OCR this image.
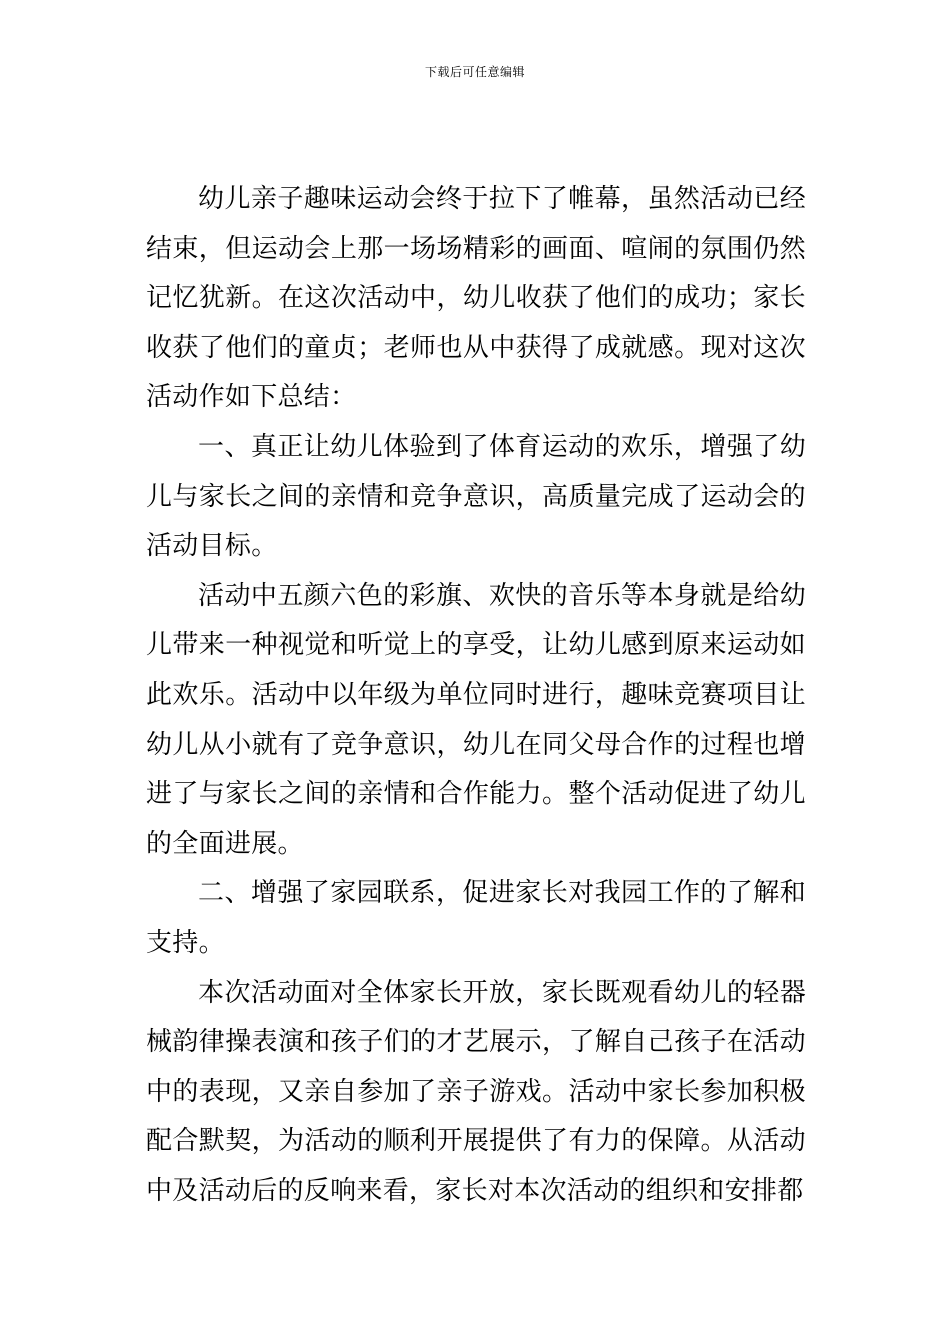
下载后可任意编辑

幼儿亲子趣味运动会终于拉下了帷幕，虽然活动已经结束，但运动会上那一场场精彩的画面、喧闹的氛围仍然记忆犹新。在这次活动中，幼儿收获了他们的成功；家长收获了他们的童贞；老师也从中获得了成就感。现对这次活动作如下总结：

一、真正让幼儿体验到了体育运动的欢乐，增强了幼儿与家长之间的亲情和竞争意识，高质量完成了运动会的活动目标。

活动中五颜六色的彩旗、欢快的音乐等本身就是给幼儿带来一种视觉和听觉上的享受，让幼儿感到原来运动如此欢乐。活动中以年级为单位同时进行，趣味竞赛项目让幼儿从小就有了竞争意识，幼儿在同父母合作的过程也增进了与家长之间的亲情和合作能力。整个活动促进了幼儿的全面进展。

二、增强了家园联系，促进家长对我园工作的了解和支持。

本次活动面对全体家长开放，家长既观看幼儿的轻器械韵律操表演和孩子们的才艺展示，了解自己孩子在活动中的表现，又亲自参加了亲子游戏。活动中家长参加积极配合默契，为活动的顺利开展提供了有力的保障。从活动中及活动后的反响来看，家长对本次活动的组织和安排都
